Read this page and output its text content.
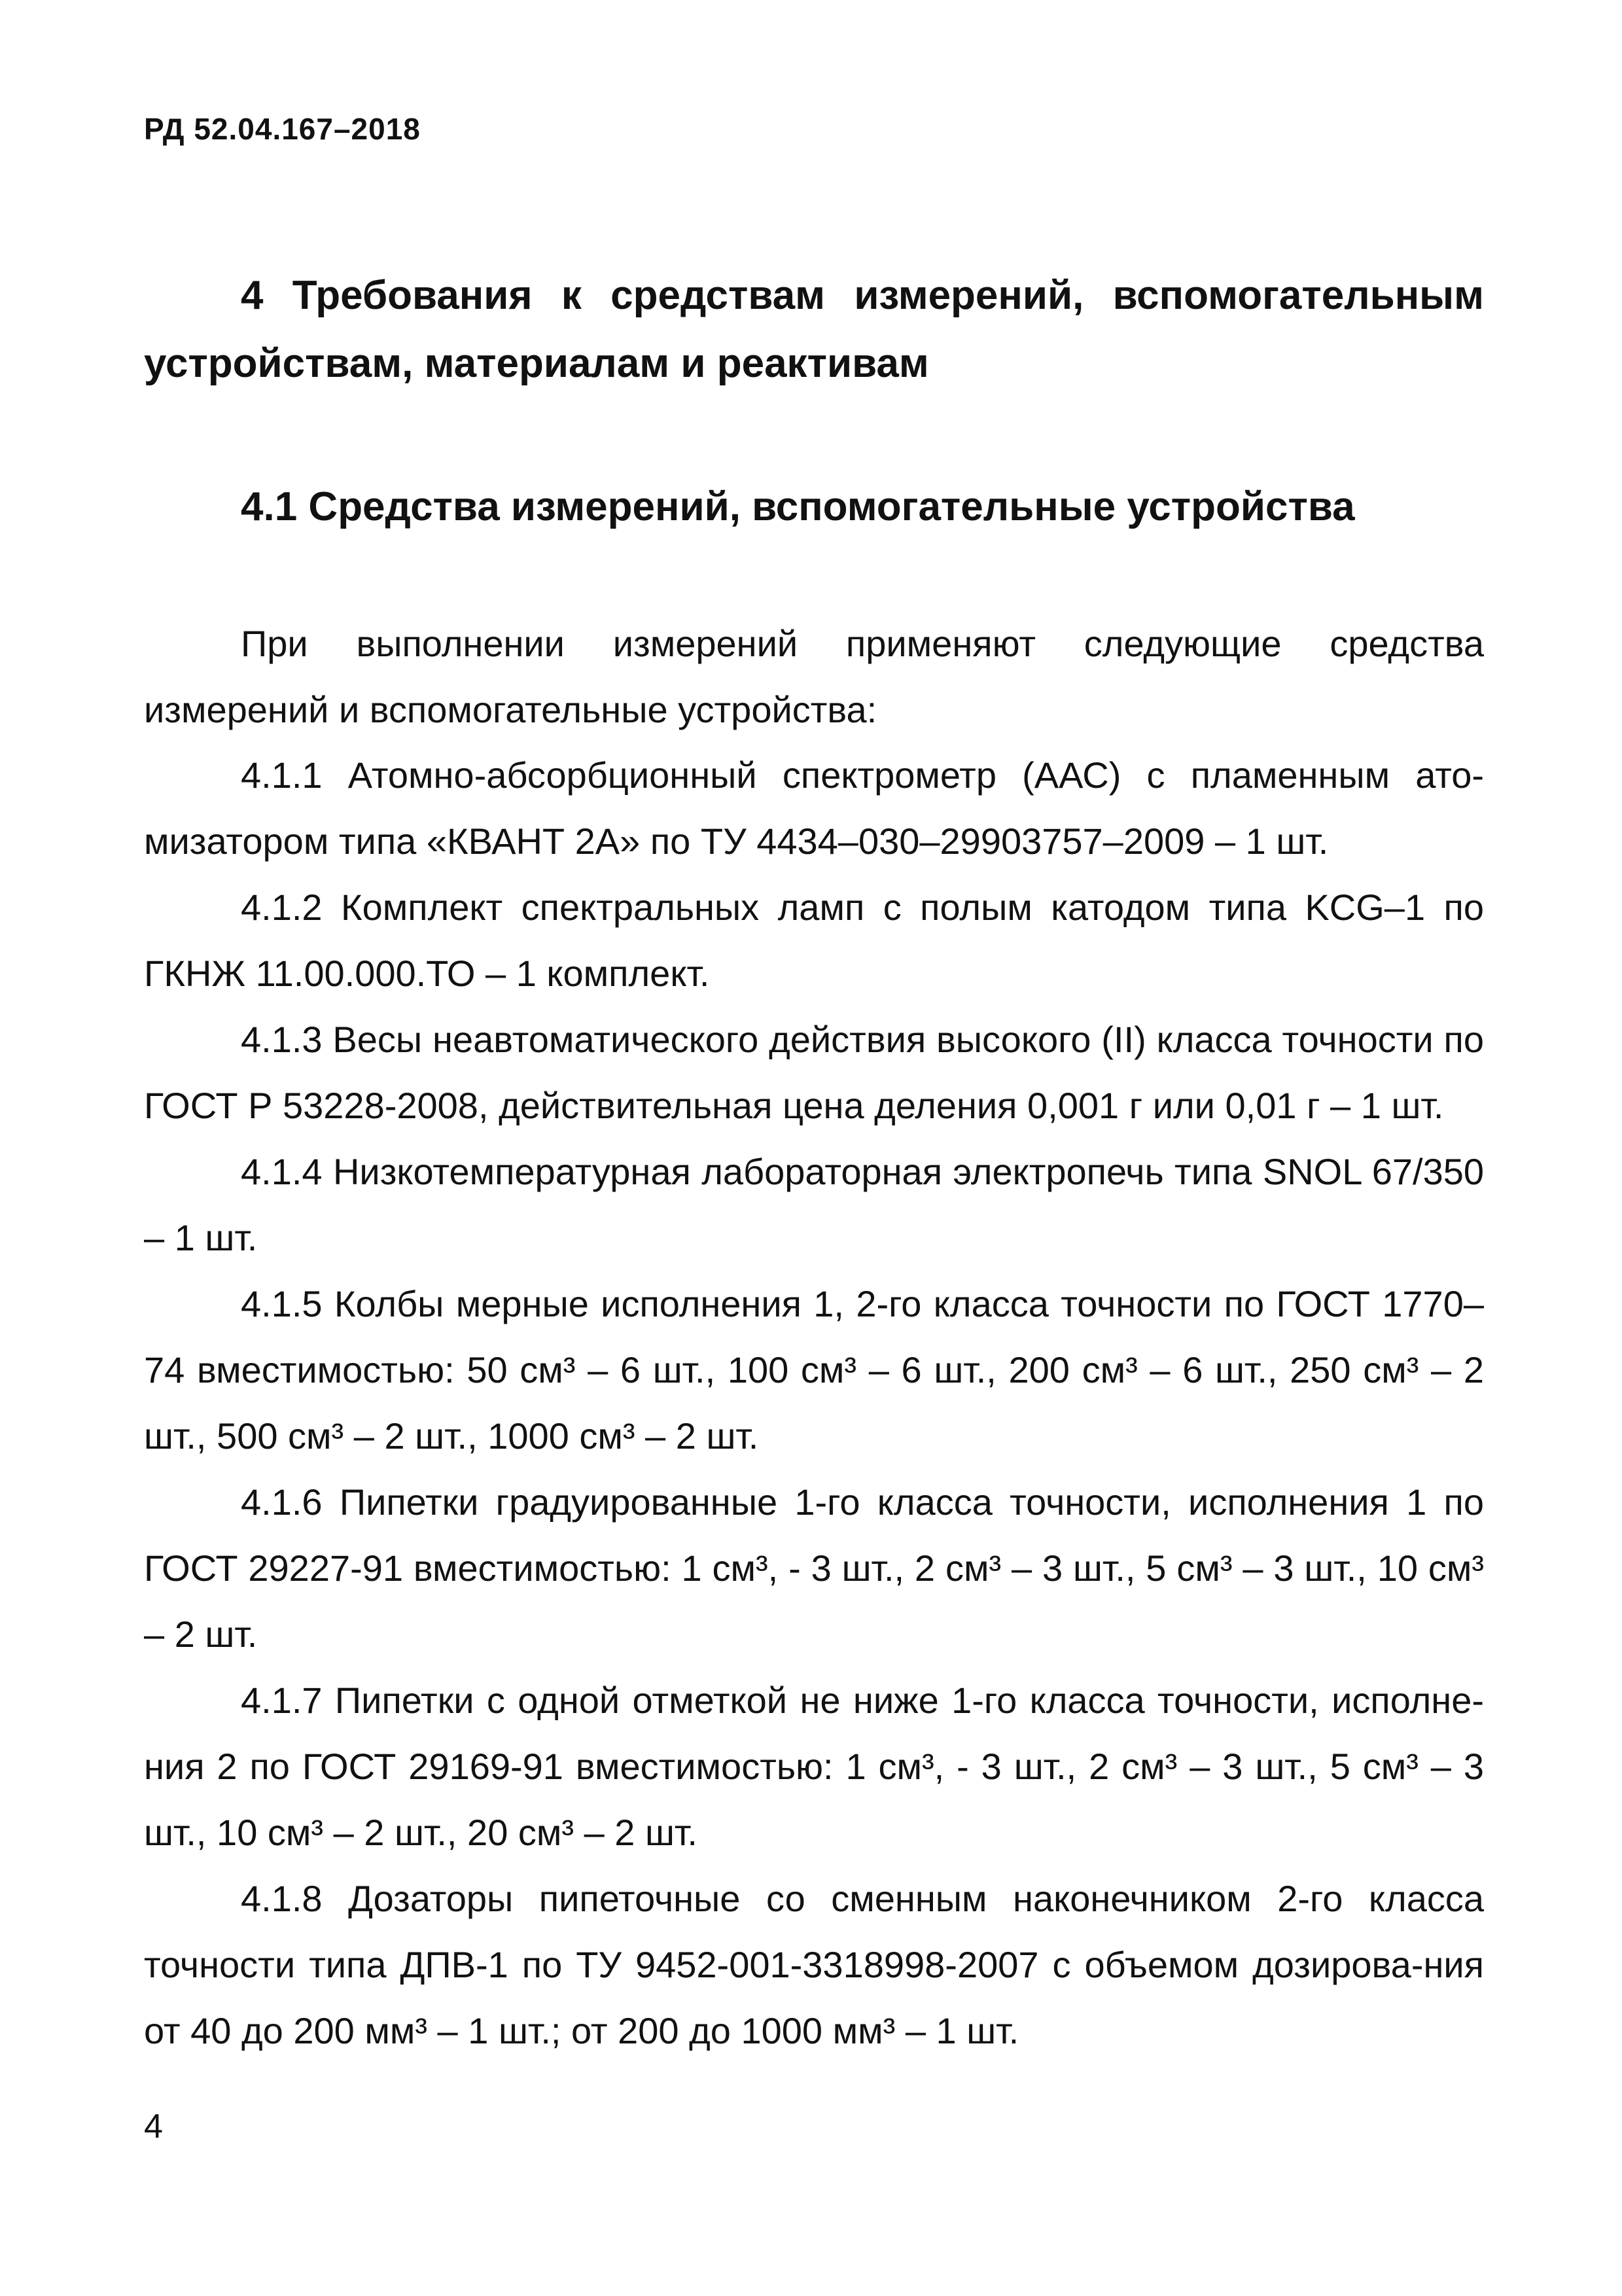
РД 52.04.167–2018
4 Требования к средствам измерений, вспомогательным устройствам, материалам и реактивам
4.1 Средства измерений, вспомогательные устройства

При выполнении измерений применяют следующие средства измерений и вспомогательные устройства:

4.1.1 Атомно-абсорбционный спектрометр (ААС) с пламенным ато-мизатором типа «КВАНТ 2А» по ТУ 4434–030–29903757–2009 – 1 шт.

4.1.2 Комплект спектральных ламп с полым катодом типа KCG–1 по ГКНЖ 11.00.000.ТО – 1 комплект.

4.1.3 Весы неавтоматического действия высокого (II) класса точности по ГОСТ Р 53228-2008, действительная цена деления 0,001 г или 0,01 г – 1 шт.

4.1.4 Низкотемпературная лабораторная электропечь типа SNOL 67/350 – 1 шт.

4.1.5 Колбы мерные исполнения 1, 2-го класса точности по ГОСТ 1770–74 вместимостью: 50 см³ – 6 шт., 100 см³ – 6 шт., 200 см³ – 6 шт., 250 см³ – 2 шт., 500 см³ – 2 шт., 1000 см³ – 2 шт.

4.1.6 Пипетки градуированные 1-го класса точности, исполнения 1 по ГОСТ 29227-91 вместимостью: 1 см³, - 3 шт., 2 см³ – 3 шт., 5 см³ – 3 шт., 10 см³ – 2 шт.

4.1.7 Пипетки с одной отметкой не ниже 1-го класса точности, исполне-ния 2 по ГОСТ 29169-91 вместимостью: 1 см³, - 3 шт., 2 см³ – 3 шт., 5 см³ – 3 шт., 10 см³ – 2 шт., 20 см³ – 2 шт.

4.1.8 Дозаторы пипеточные со сменным наконечником 2-го класса точности типа ДПВ-1 по ТУ 9452-001-3318998-2007 с объемом дозирова-ния от 40 до 200 мм³ – 1 шт.; от 200 до 1000 мм³ – 1 шт.

4
